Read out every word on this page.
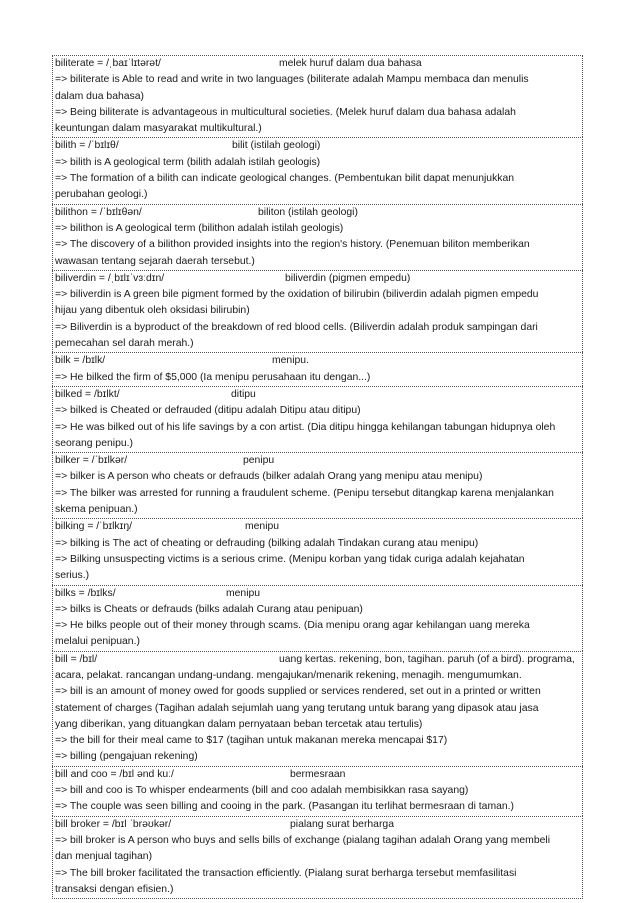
biliterate = /ˌbaɪˈlɪtərət/	melek huruf dalam dua bahasa
=> biliterate is Able to read and write in two languages (biliterate adalah Mampu membaca dan menulis
dalam dua bahasa)
=> Being biliterate is advantageous in multicultural societies. (Melek huruf dalam dua bahasa adalah
keuntungan dalam masyarakat multikultural.)
bilith = /ˈbɪlɪθ/	bilit (istilah geologi)
=> bilith is A geological term (bilith adalah istilah geologis)
=> The formation of a bilith can indicate geological changes. (Pembentukan bilit dapat menunjukkan
perubahan geologi.)
bilithon = /ˈbɪlɪθən/	biliton (istilah geologi)
=> bilithon is A geological term (bilithon adalah istilah geologis)
=> The discovery of a bilithon provided insights into the region's history. (Penemuan biliton memberikan
wawasan tentang sejarah daerah tersebut.)
biliverdin = /ˌbɪlɪˈvɜːdɪn/	biliverdin (pigmen empedu)
=> biliverdin is A green bile pigment formed by the oxidation of bilirubin (biliverdin adalah pigmen empedu
hijau yang dibentuk oleh oksidasi bilirubin)
=> Biliverdin is a byproduct of the breakdown of red blood cells. (Biliverdin adalah produk sampingan dari
pemecahan sel darah merah.)
bilk = /bɪlk/	menipu.
=> He bilked the firm of $5,000 (Ia menipu perusahaan itu dengan...)
bilked = /bɪlkt/	ditipu
=> bilked is Cheated or defrauded (ditipu adalah Ditipu atau ditipu)
=> He was bilked out of his life savings by a con artist. (Dia ditipu hingga kehilangan tabungan hidupnya oleh
seorang penipu.)
bilker = /ˈbɪlkər/	penipu
=> bilker is A person who cheats or defrauds (bilker adalah Orang yang menipu atau menipu)
=> The bilker was arrested for running a fraudulent scheme. (Penipu tersebut ditangkap karena menjalankan
skema penipuan.)
bilking = /ˈbɪlkɪŋ/	menipu
=> bilking is The act of cheating or defrauding (bilking adalah Tindakan curang atau menipu)
=> Bilking unsuspecting victims is a serious crime. (Menipu korban yang tidak curiga adalah kejahatan
serius.)
bilks = /bɪlks/	menipu
=> bilks is Cheats or defrauds (bilks adalah Curang atau penipuan)
=> He bilks people out of their money through scams. (Dia menipu orang agar kehilangan uang mereka
melalui penipuan.)
bill = /bɪl/	uang kertas. rekening, bon, tagihan. paruh (of a bird). programa,
acara, pelakat. rancangan undang-undang. mengajukan/menarik rekening, menagih. mengumumkan.
=> bill is an amount of money owed for goods supplied or services rendered, set out in a printed or written
statement of charges (Tagihan adalah sejumlah uang yang terutang untuk barang yang dipasok atau jasa
yang diberikan, yang dituangkan dalam pernyataan beban tercetak atau tertulis)
=> the bill for their meal came to $17 (tagihan untuk makanan mereka mencapai $17)
=> billing (pengajuan rekening)
bill and coo = /bɪl ənd kuː/	bermesraan
=> bill and coo is To whisper endearments (bill and coo adalah membisikkan rasa sayang)
=> The couple was seen billing and cooing in the park. (Pasangan itu terlihat bermesraan di taman.)
bill broker = /bɪl ˈbrəʊkər/	pialang surat berharga
=> bill broker is A person who buys and sells bills of exchange (pialang tagihan adalah Orang yang membeli
dan menjual tagihan)
=> The bill broker facilitated the transaction efficiently. (Pialang surat berharga tersebut memfasilitasi
transaksi dengan efisien.)
